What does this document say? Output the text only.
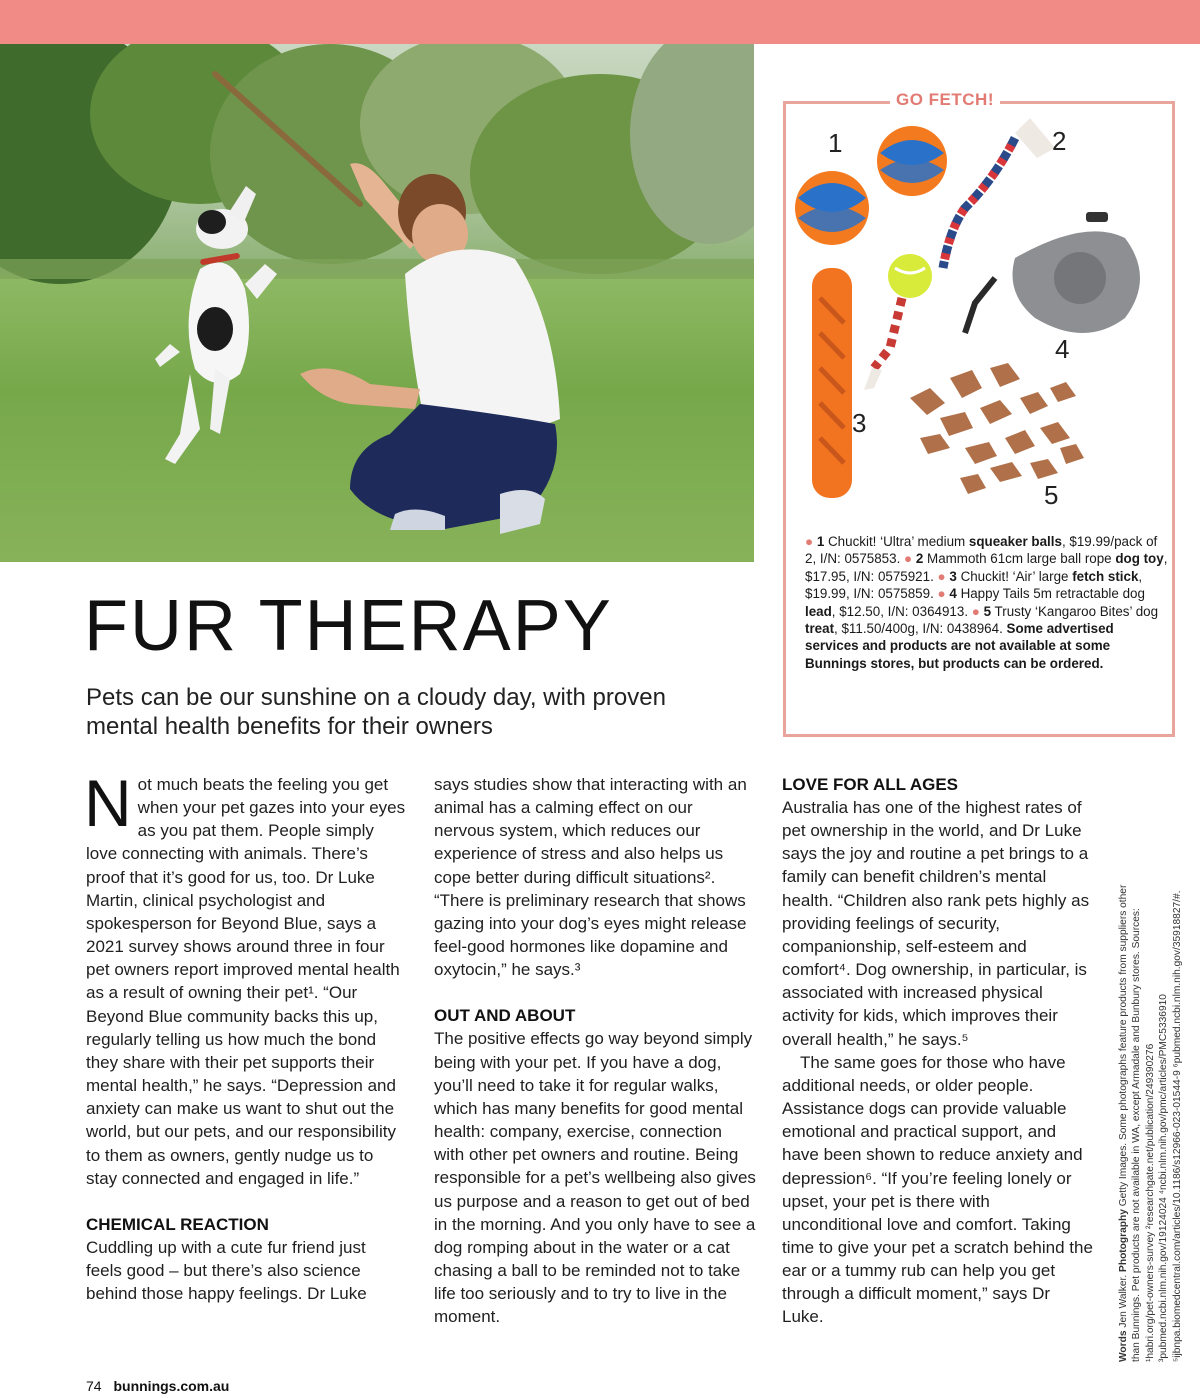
GO FETCH!
1	2
3
4
5
● 1 Chuckit! ‘Ultra’ medium squeaker balls, $19.99/pack of 2, I/N: 0575853. ● 2 Mammoth 61cm large ball rope dog toy, $17.95, I/N: 0575921. ● 3 Chuckit! ‘Air’ large fetch stick, $19.99, I/N: 0575859. ● 4 Happy Tails 5m retractable dog lead, $12.50, I/N: 0364913. ● 5 Trusty ‘Kangaroo Bites’ dog treat, $11.50/400g, I/N: 0438964. Some advertised services and products are not available at some Bunnings stores, but products can be ordered.
FUR THERAPY
Pets can be our sunshine on a cloudy day, with proven mental health benefits for their owners

Not much beats the feeling you get when your pet gazes into your eyes as you pat them. People simply love connecting with animals. There’s proof that it’s good for us, too. Dr Luke Martin, clinical psychologist and spokesperson for Beyond Blue, says a 2021 survey shows around three in four pet owners report improved mental health as a result of owning their pet¹. “Our Beyond Blue community backs this up, regularly telling us how much the bond they share with their pet supports their mental health,” he says. “Depression and anxiety can make us want to shut out the world, but our pets, and our responsibility to them as owners, gently nudge us to stay connected and engaged in life.”

CHEMICAL REACTION

Cuddling up with a cute fur friend just feels good – but there’s also science behind those happy feelings. Dr Luke

says studies show that interacting with an animal has a calming effect on our nervous system, which reduces our experience of stress and also helps us cope better during difficult situations². “There is preliminary research that shows gazing into your dog’s eyes might release feel-good hormones like dopamine and oxytocin,” he says.³

OUT AND ABOUT

The positive effects go way beyond simply being with your pet. If you have a dog, you’ll need to take it for regular walks, which has many benefits for good mental health: company, exercise, connection with other pet owners and routine. Being responsible for a pet’s wellbeing also gives us purpose and a reason to get out of bed in the morning. And you only have to see a dog romping about in the water or a cat chasing a ball to be reminded not to take life too seriously and to try to live in the moment.

LOVE FOR ALL AGES

Australia has one of the highest rates of pet ownership in the world, and Dr Luke says the joy and routine a pet brings to a family can benefit children’s mental health. “Children also rank pets highly as providing feelings of security, companionship, self-esteem and comfort⁴. Dog ownership, in particular, is associated with increased physical activity for kids, which improves their overall health,” he says.⁵

The same goes for those who have additional needs, or older people. Assistance dogs can provide valuable emotional and practical support, and have been shown to reduce anxiety and depression⁶. “If you’re feeling lonely or upset, your pet is there with unconditional love and comfort. Taking time to give your pet a scratch behind the ear or a tummy rub can help you get through a difficult moment,” says Dr Luke.

Words Jen Walker. Photography Getty Images. Some photographs feature products from suppliers other than Bunnings. Pet products are not available in WA, except Armadale and Bunbury stores. Sources: ¹habri.org/pet-owners-survey ²researchgate.net/publication/249390276 ³pubmed.ncbi.nlm.nih.gov/19124024 ⁴ncbi.nlm.nih.gov/pmc/articles/PMC5336910 ⁵ijbnpa.biomedcentral.com/articles/10.1186/s12966-023-01544-9 ⁶pubmed.ncbi.nlm.nih.gov/35918827/#.
74 bunnings.com.au
